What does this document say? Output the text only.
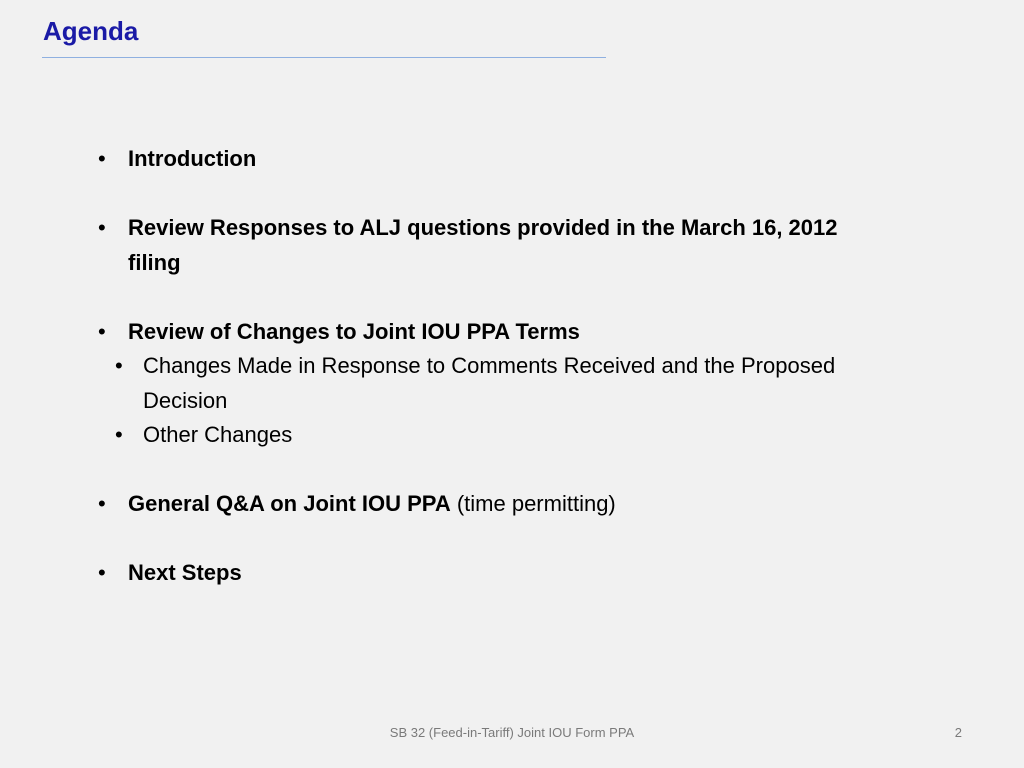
Agenda
•
Introduction
•
Review Responses to ALJ questions provided in the March 16, 2012 filing
•
Review of Changes to Joint IOU PPA Terms
•
Changes Made in Response to Comments Received and the Proposed Decision
•
Other Changes
•
General Q&A on Joint IOU PPA (time permitting)
•
Next Steps
SB 32 (Feed-in-Tariff) Joint IOU Form PPA	2
